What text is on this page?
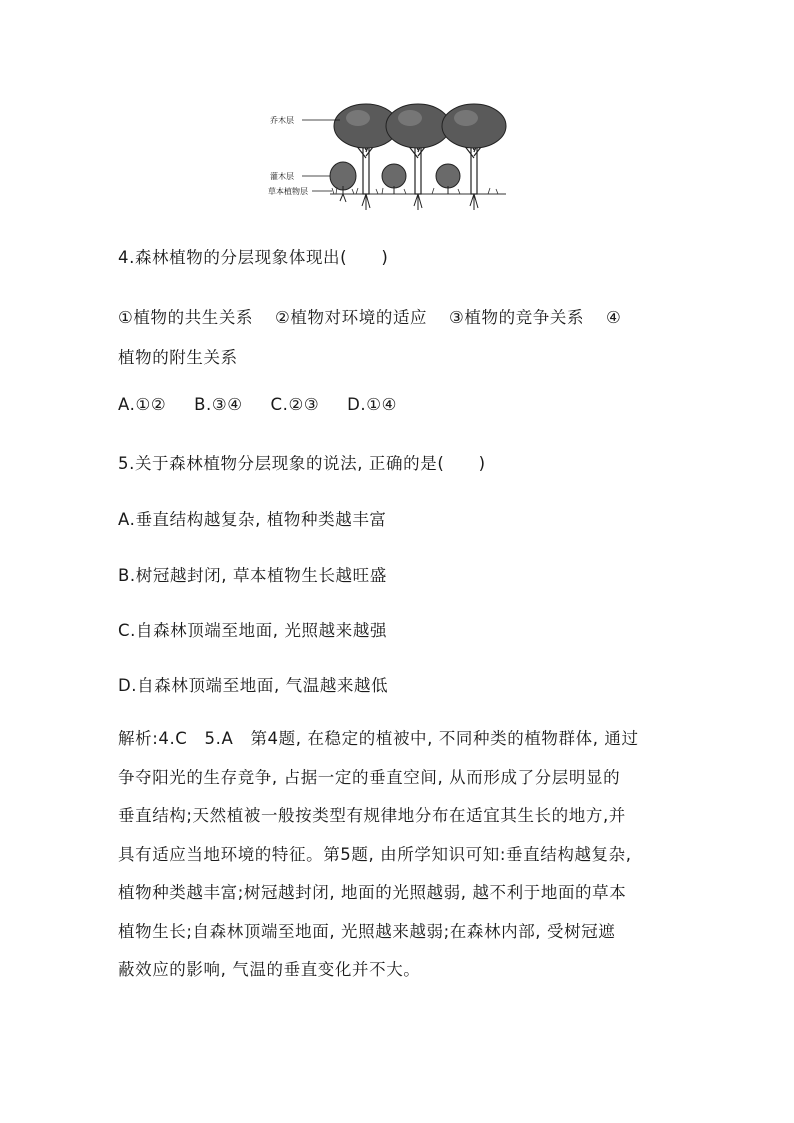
乔木层
灌木层
草本植物层
4.森林植物的分层现象体现出(　　)
①植物的共生关系 ②植物对环境的适应 ③植物的竞争关系 ④
植物的附生关系
A.①② B.③④ C.②③ D.①④
5.关于森林植物分层现象的说法, 正确的是(　　)
A.垂直结构越复杂, 植物种类越丰富
B.树冠越封闭, 草本植物生长越旺盛
C.自森林顶端至地面, 光照越来越强
D.自森林顶端至地面, 气温越来越低
解析:4.C　5.A　第4题, 在稳定的植被中, 不同种类的植物群体, 通过
争夺阳光的生存竞争, 占据一定的垂直空间, 从而形成了分层明显的
垂直结构;天然植被一般按类型有规律地分布在适宜其生长的地方,并
具有适应当地环境的特征。第5题, 由所学知识可知:垂直结构越复杂,
植物种类越丰富;树冠越封闭, 地面的光照越弱, 越不利于地面的草本
植物生长;自森林顶端至地面, 光照越来越弱;在森林内部, 受树冠遮
蔽效应的影响, 气温的垂直变化并不大。
